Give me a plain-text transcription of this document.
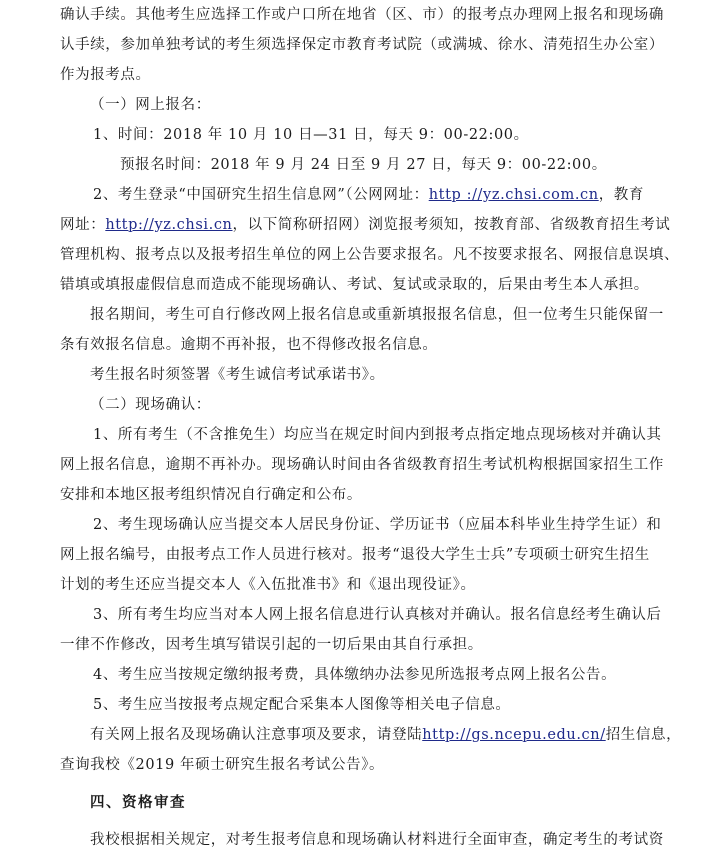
确认手续。其他考生应选择工作或户口所在地省（区、市）的报考点办理网上报名和现场确
认手续，参加单独考试的考生须选择保定市教育考试院（或满城、徐水、清苑招生办公室）
作为报考点。
（一）网上报名：
1、时间：2018 年 10 月 10 日—31 日，每天 9：00-22:00。
预报名时间：2018 年 9 月 24 日至 9 月 27 日，每天 9：00-22:00。
2、考生登录“中国研究生招生信息网”（公网网址：http ://yz.chsi.com.cn，教育
网址：http://yz.chsi.cn，以下简称研招网）浏览报考须知，按教育部、省级教育招生考试
管理机构、报考点以及报考招生单位的网上公告要求报名。凡不按要求报名、网报信息误填、
错填或填报虚假信息而造成不能现场确认、考试、复试或录取的，后果由考生本人承担。
报名期间，考生可自行修改网上报名信息或重新填报报名信息，但一位考生只能保留一
条有效报名信息。逾期不再补报，也不得修改报名信息。
考生报名时须签署《考生诚信考试承诺书》。
（二）现场确认：
1、所有考生（不含推免生）均应当在规定时间内到报考点指定地点现场核对并确认其
网上报名信息，逾期不再补办。现场确认时间由各省级教育招生考试机构根据国家招生工作
安排和本地区报考组织情况自行确定和公布。
2、考生现场确认应当提交本人居民身份证、学历证书（应届本科毕业生持学生证）和
网上报名编号，由报考点工作人员进行核对。报考“退役大学生士兵”专项硕士研究生招生
计划的考生还应当提交本人《入伍批准书》和《退出现役证》。
3、所有考生均应当对本人网上报名信息进行认真核对并确认。报名信息经考生确认后
一律不作修改，因考生填写错误引起的一切后果由其自行承担。
4、考生应当按规定缴纳报考费，具体缴纳办法参见所选报考点网上报名公告。
5、考生应当按报考点规定配合采集本人图像等相关电子信息。
有关网上报名及现场确认注意事项及要求，请登陆http://gs.ncepu.edu.cn/招生信息，
查询我校《2019 年硕士研究生报名考试公告》。
四、资格审查
我校根据相关规定，对考生报考信息和现场确认材料进行全面审查，确定考生的考试资
